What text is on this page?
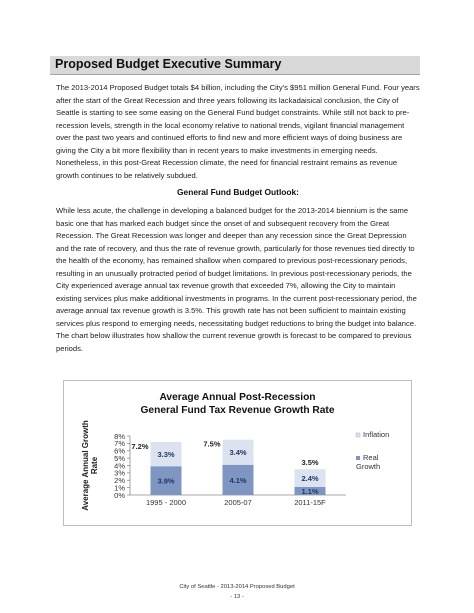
Proposed Budget Executive Summary

The 2013-2014 Proposed Budget totals $4 billion, including the City's $951 million General Fund. Four years after the start of the Great Recession and three years following its lackadaisical conclusion, the City of Seattle is starting to see some easing on the General Fund budget constraints. While still not back to pre-recession levels, strength in the local economy relative to national trends, vigilant financial management over the past two years and continued efforts to find new and more efficient ways of doing business are giving the City a bit more flexibility than in recent years to make investments in emerging needs. Nonetheless, in this post-Great Recession climate, the need for financial restraint remains as revenue growth continues to be relatively subdued.

General Fund Budget Outlook:

While less acute, the challenge in developing a balanced budget for the 2013-2014 biennium is the same basic one that has marked each budget since the onset of and subsequent recovery from the Great Recession. The Great Recession was longer and deeper than any recession since the Great Depression and the rate of recovery, and thus the rate of revenue growth, particularly for those revenues tied directly to the health of the economy, has remained shallow when compared to previous post-recessionary periods, resulting in an unusually protracted period of budget limitations. In previous post-recessionary periods, the City experienced average annual tax revenue growth that exceeded 7%, allowing the City to maintain existing services plus make additional investments in programs. In the current post-recessionary period, the average annual tax revenue growth is 3.5%. This growth rate has not been sufficient to maintain existing services plus respond to emerging needs, necessitating budget reductions to bring the budget into balance. The chart below illustrates how shallow the current revenue growth is forecast to be compared to previous periods.

Average Annual Post-Recession
General Fund Tax Revenue Growth Rate
Average Annual Growth Rate
0%
1%
2%
3%
4%
5%
6%
7%
8%
3.9%
3.3%
7.2%
1995 - 2000
4.1%
3.4%
7.5%
2005-07
1.1%
2.4%
3.5%
2011-15F
Inflation
Real Growth
City of Seattle - 2013-2014 Proposed Budget
- 13 -
